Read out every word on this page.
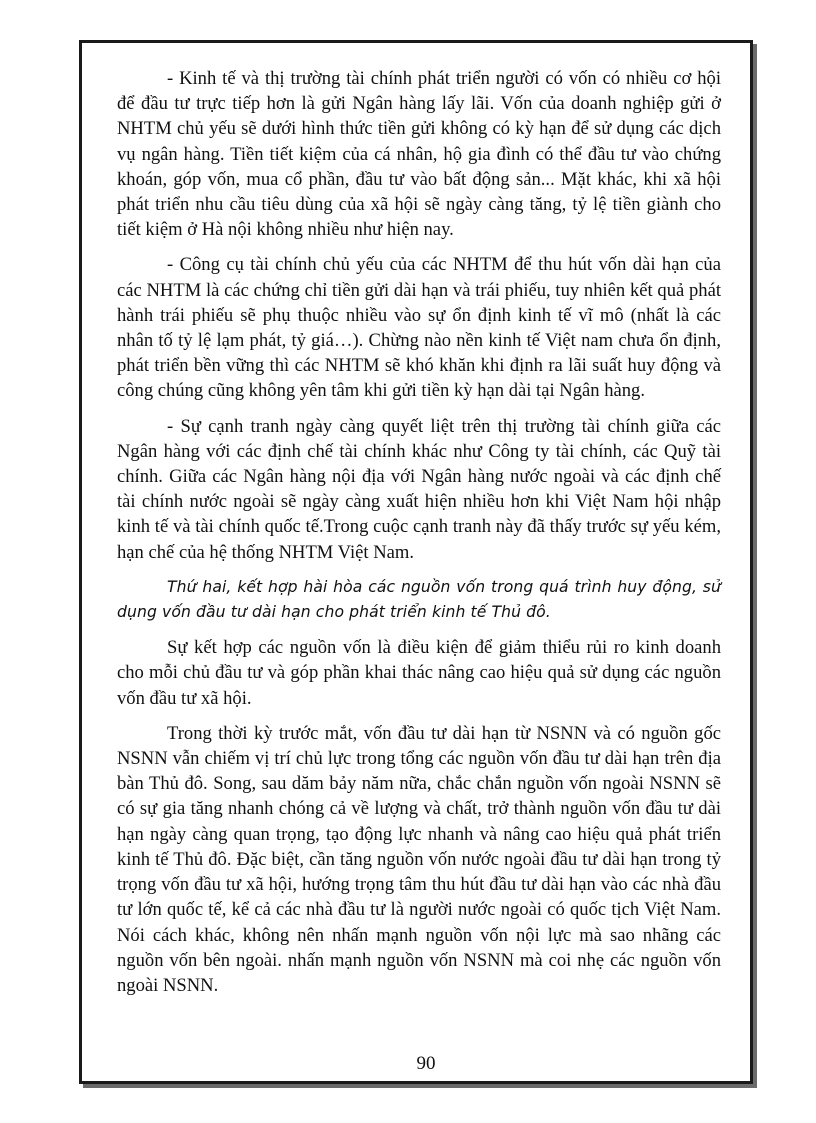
- Kinh tế và thị trường tài chính phát triển người có vốn có nhiều cơ hội để đầu tư trực tiếp hơn là gửi Ngân hàng lấy lãi. Vốn của doanh nghiệp gửi ở NHTM chủ yếu sẽ dưới hình thức tiền gửi không có kỳ hạn để sử dụng các dịch vụ ngân hàng. Tiền tiết kiệm của cá nhân, hộ gia đình có thể đầu tư vào chứng khoán, góp vốn, mua cổ phần, đầu tư vào bất động sản... Mặt khác, khi xã hội phát triển nhu cầu tiêu dùng của xã hội sẽ ngày càng tăng, tỷ lệ tiền giành cho tiết kiệm ở Hà nội không nhiều như hiện nay.

- Công cụ tài chính chủ yếu của các NHTM để thu hút vốn dài hạn của các NHTM là các chứng chỉ tiền gửi dài hạn và trái phiếu, tuy nhiên kết quả phát hành trái phiếu sẽ phụ thuộc nhiều vào sự ổn định kinh tế vĩ mô (nhất là các nhân tố tỷ lệ lạm phát, tỷ giá…). Chừng nào nền kinh tế Việt nam chưa ổn định, phát triển bền vững thì các NHTM sẽ khó khăn khi định ra lãi suất huy động và công chúng cũng không yên tâm khi gửi tiền kỳ hạn dài tại Ngân hàng.

- Sự cạnh tranh ngày càng quyết liệt trên thị trường tài chính giữa các Ngân hàng với các định chế tài chính khác như Công ty tài chính, các Quỹ tài chính. Giữa các Ngân hàng nội địa với Ngân hàng nước ngoài và các định chế tài chính nước ngoài sẽ ngày càng xuất hiện nhiều hơn khi Việt Nam hội nhập kinh tế và tài chính quốc tế.Trong cuộc cạnh tranh này đã thấy trước sự yếu kém, hạn chế của hệ thống NHTM Việt Nam.

Thứ hai, kết hợp hài hòa các nguồn vốn trong quá trình huy động, sử dụng vốn đầu tư dài hạn cho phát triển kinh tế Thủ đô.

Sự kết hợp các nguồn vốn là điều kiện để giảm thiểu rủi ro kinh doanh cho mỗi chủ đầu tư và góp phần khai thác nâng cao hiệu quả sử dụng các nguồn vốn đầu tư xã hội.

Trong thời kỳ trước mắt, vốn đầu tư dài hạn từ NSNN và có nguồn gốc NSNN vẫn chiếm vị trí chủ lực trong tổng các nguồn vốn đầu tư dài hạn trên địa bàn Thủ đô. Song, sau dăm bảy năm nữa, chắc chắn nguồn vốn ngoài NSNN sẽ có sự gia tăng nhanh chóng cả về lượng và chất, trở thành nguồn vốn đầu tư dài hạn ngày càng quan trọng, tạo động lực nhanh và nâng cao hiệu quả phát triển kinh tế Thủ đô. Đặc biệt, cần tăng nguồn vốn nước ngoài đầu tư dài hạn trong tỷ trọng vốn đầu tư xã hội, hướng trọng tâm thu hút đầu tư dài hạn vào các nhà đầu tư lớn quốc tế, kể cả các nhà đầu tư là người nước ngoài có quốc tịch Việt Nam. Nói cách khác, không nên nhấn mạnh nguồn vốn nội lực mà sao nhãng các nguồn vốn bên ngoài. nhấn mạnh nguồn vốn NSNN mà coi nhẹ các nguồn vốn ngoài NSNN.

90
